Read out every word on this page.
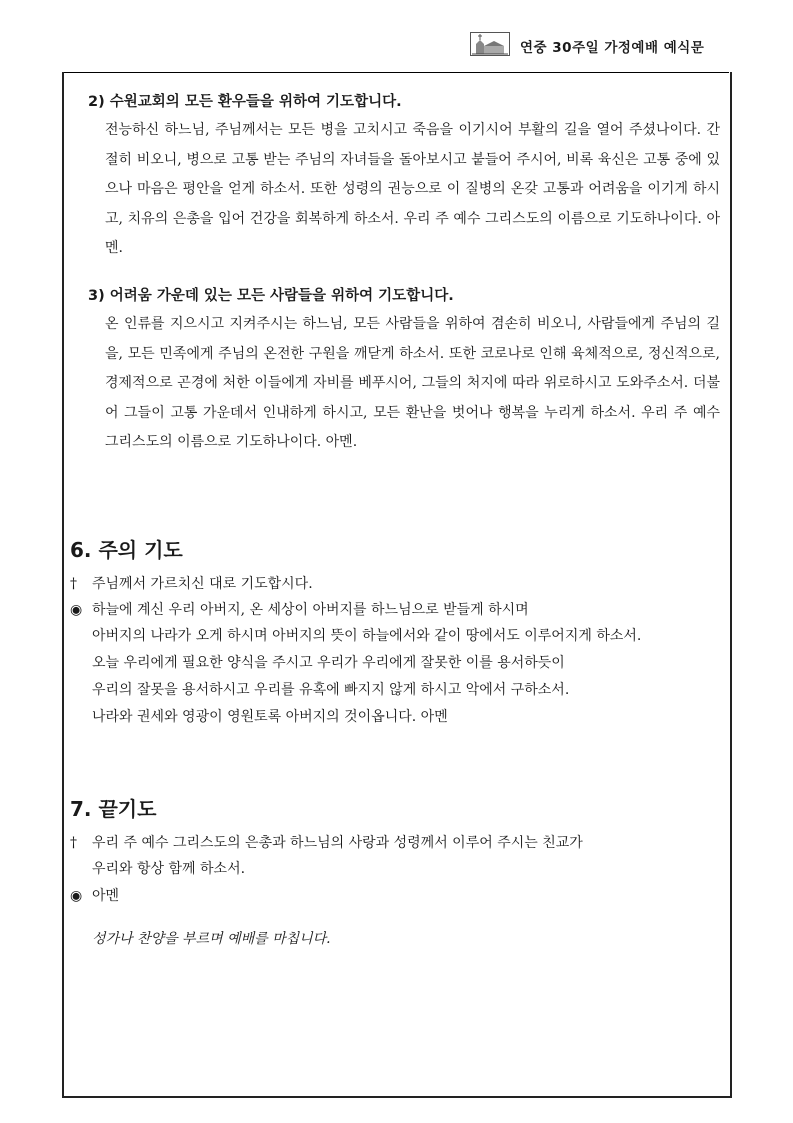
연중 30주일 가정예배 예식문
2) 수원교회의 모든 환우들을 위하여 기도합니다.
전능하신 하느님, 주님께서는 모든 병을 고치시고 죽음을 이기시어 부활의 길을 열어 주셨나이다. 간절히 비오니, 병으로 고통 받는 주님의 자녀들을 돌아보시고 붙들어 주시어, 비록 육신은 고통 중에 있으나 마음은 평안을 얻게 하소서. 또한 성령의 권능으로 이 질병의 온갖 고통과 어려움을 이기게 하시고, 치유의 은총을 입어 건강을 회복하게 하소서. 우리 주 예수 그리스도의 이름으로 기도하나이다. 아멘.
3) 어려움 가운데 있는 모든 사람들을 위하여 기도합니다.
온 인류를 지으시고 지켜주시는 하느님, 모든 사람들을 위하여 겸손히 비오니, 사람들에게 주님의 길을, 모든 민족에게 주님의 온전한 구원을 깨닫게 하소서. 또한 코로나로 인해 육체적으로, 정신적으로, 경제적으로 곤경에 처한 이들에게 자비를 베푸시어, 그들의 처지에 따라 위로하시고 도와주소서. 더불어 그들이 고통 가운데서 인내하게 하시고, 모든 환난을 벗어나 행복을 누리게 하소서. 우리 주 예수 그리스도의 이름으로 기도하나이다. 아멘.
6. 주의 기도
† 주님께서 가르치신 대로 기도합시다.
◉ 하늘에 계신 우리 아버지, 온 세상이 아버지를 하느님으로 받들게 하시며
아버지의 나라가 오게 하시며 아버지의 뜻이 하늘에서와 같이 땅에서도 이루어지게 하소서.
오늘 우리에게 필요한 양식을 주시고 우리가 우리에게 잘못한 이를 용서하듯이
우리의 잘못을 용서하시고 우리를 유혹에 빠지지 않게 하시고 악에서 구하소서.
나라와 권세와 영광이 영원토록 아버지의 것이옵니다. 아멘
7. 끝기도
† 우리 주 예수 그리스도의 은총과 하느님의 사랑과 성령께서 이루어 주시는 친교가
우리와 항상 함께 하소서.
◉ 아멘
성가나 찬양을 부르며 예배를 마칩니다.
